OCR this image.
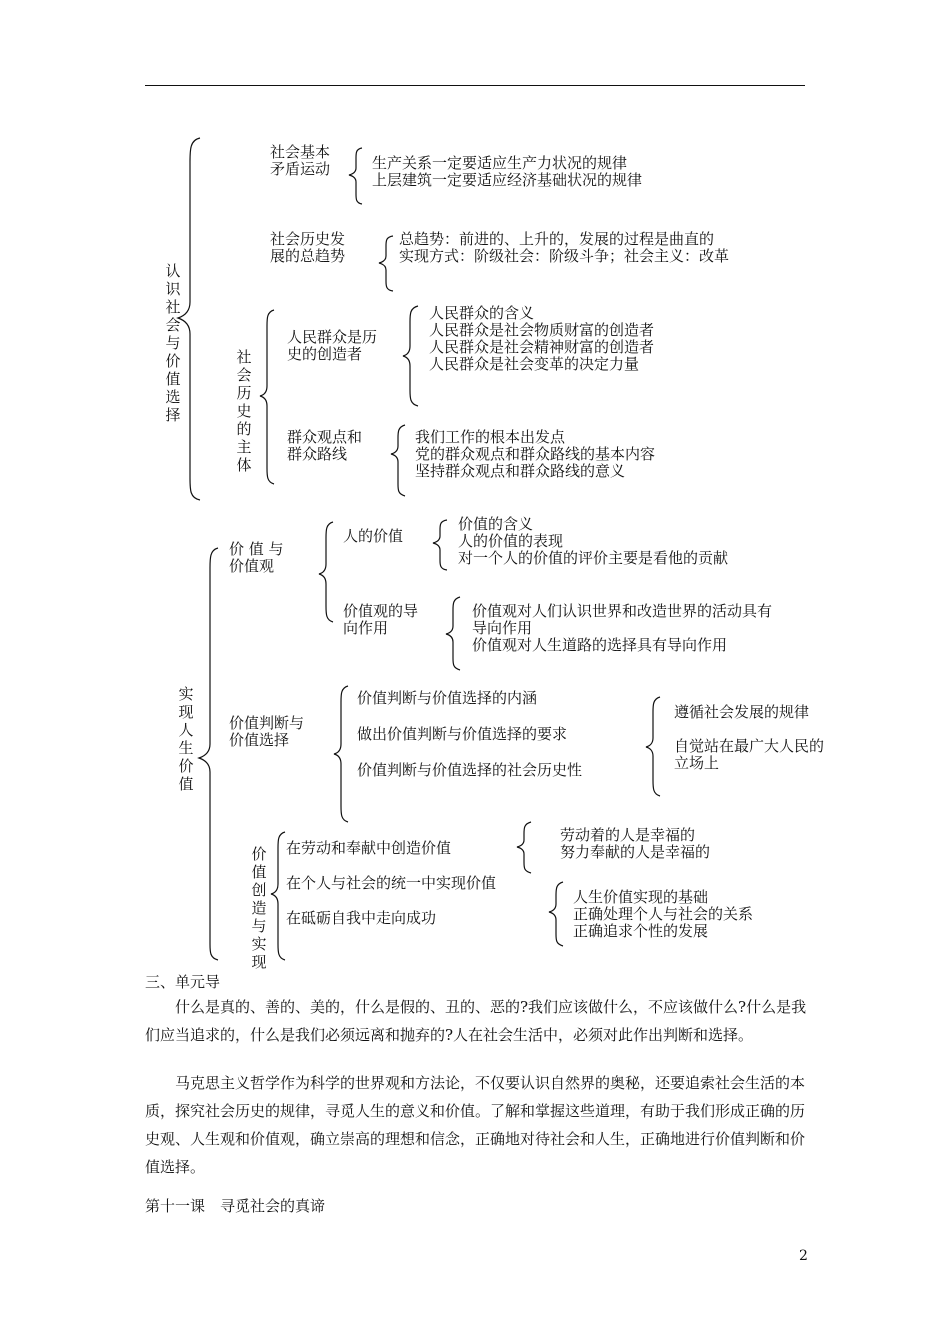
认识社会与价值选择
社会基本
矛盾运动	生产关系一定要适应生产力状况的规律
上层建筑一定要适应经济基础状况的规律
社会历史发
展的总趋势
总趋势：前进的、上升的，发展的过程是曲直的
实现方式：阶级社会：阶级斗争；社会主义：改革
社会历史的主体
人民群众是历
史的创造者
人民群众的含义
人民群众是社会物质财富的创造者
人民群众是社会精神财富的创造者
人民群众是社会变革的决定力量
群众观点和
群众路线
我们工作的根本出发点
党的群众观点和群众路线的基本内容
坚持群众观点和群众路线的意义
实现人生价值
价 值 与
价值观
人的价值
价值的含义
人的价值的表现
对一个人的价值的评价主要是看他的贡献
价值观的导
向作用
价值观对人们认识世界和改造世界的活动具有
导向作用
价值观对人生道路的选择具有导向作用
价值判断与
价值选择
价值判断与价值选择的内涵
做出价值判断与价值选择的要求
价值判断与价值选择的社会历史性
遵循社会发展的规律
自觉站在最广大人民的
立场上
价值创造与实现
在劳动和奉献中创造价值
在个人与社会的统一中实现价值
在砥砺自我中走向成功
劳动着的人是幸福的
努力奉献的人是幸福的
人生价值实现的基础
正确处理个人与社会的关系
正确追求个性的发展
三、单元导
什么是真的、善的、美的，什么是假的、丑的、恶的?我们应该做什么，不应该做什么?什么是我们应当追求的，什么是我们必须远离和抛弃的?人在社会生活中，必须对此作出判断和选择。
马克思主义哲学作为科学的世界观和方法论，不仅要认识自然界的奥秘，还要追索社会生活的本质，探究社会历史的规律，寻觅人生的意义和价值。了解和掌握这些道理，有助于我们形成正确的历史观、人生观和价值观，确立崇高的理想和信念，正确地对待社会和人生，正确地进行价值判断和价值选择。
第十一课　寻觅社会的真谛
2
